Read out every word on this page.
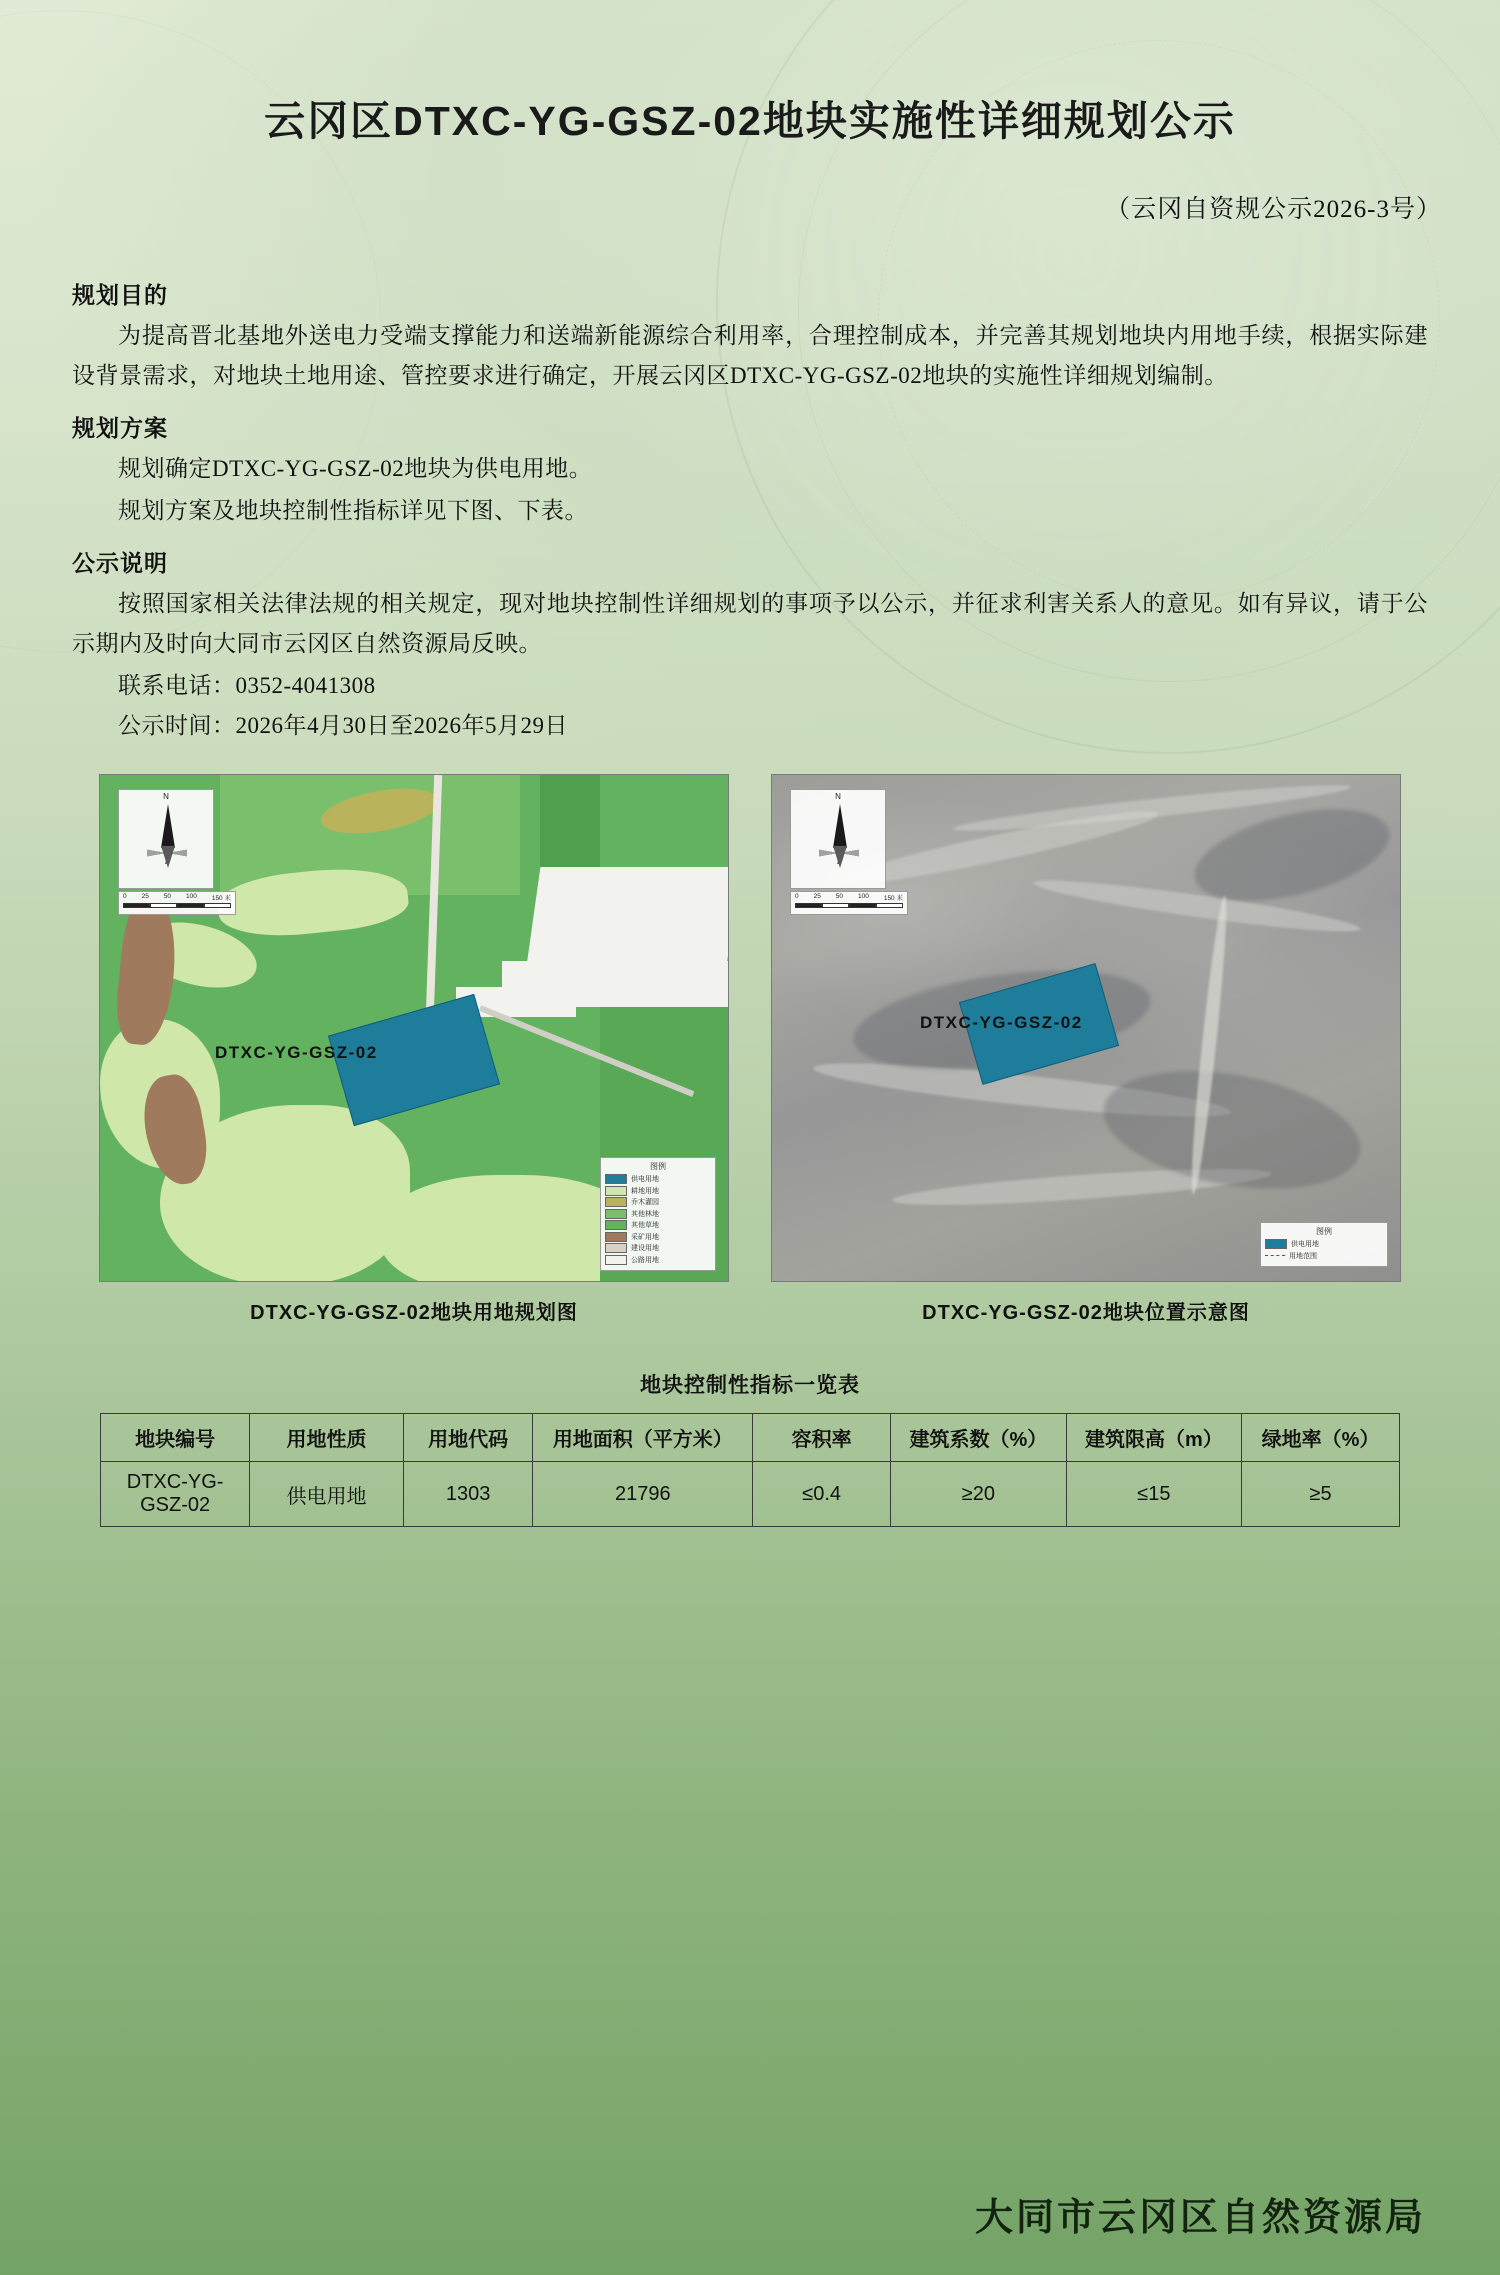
云冈区DTXC-YG-GSZ-02地块实施性详细规划公示
（云冈自资规公示2026-3号）
规划目的

为提高晋北基地外送电力受端支撑能力和送端新能源综合利用率，合理控制成本，并完善其规划地块内用地手续，根据实际建设背景需求，对地块土地用途、管控要求进行确定，开展云冈区DTXC-YG-GSZ-02地块的实施性详细规划编制。

规划方案

规划确定DTXC-YG-GSZ-02地块为供电用地。

规划方案及地块控制性指标详见下图、下表。

公示说明

按照国家相关法律法规的相关规定，现对地块控制性详细规划的事项予以公示，并征求利害关系人的意见。如有异议，请于公示期内及时向大同市云冈区自然资源局反映。

联系电话：0352-4041308
公示时间：2026年4月30日至2026年5月29日
DTXC-YG-GSZ-02
N
0 25 50 100 150 米
图例
供电用地
耕地用地
乔木灌园
其他林地
其他草地
采矿用地
建设用地
公路用地
DTXC-YG-GSZ-02地块用地规划图
DTXC-YG-GSZ-02
N
0 25 50 100 150 米
图例
供电用地
用地范围
DTXC-YG-GSZ-02地块位置示意图
地块控制性指标一览表
地块编号	用地性质	用地代码	用地面积（平方米）	容积率	建筑系数（%）	建筑限高（m）	绿地率（%）
DTXC-YG-GSZ-02	供电用地	1303	21796	≤0.4	≥20	≤15	≥5
大同市云冈区自然资源局
